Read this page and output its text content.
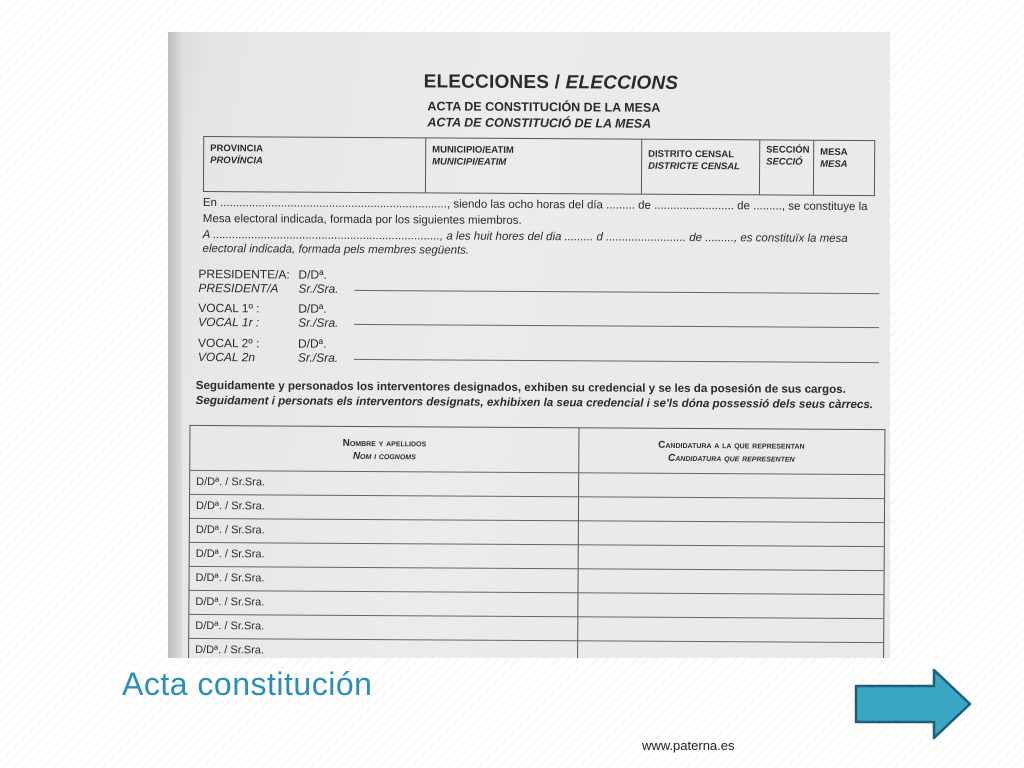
ELECCIONES / ELECCIONS
ACTA DE CONSTITUCIÓN DE LA MESA
ACTA DE CONSTITUCIÓ DE LA MESA
PROVINCIA
PROVÍNCIA
MUNICIPIO/EATIM
MUNICIPI/EATIM
DISTRITO CENSAL
DISTRICTE CENSAL
SECCIÓN
SECCIÓ
MESA
MESA
En ......................................................................., siendo las ocho horas del día ......... de ......................... de ........., se constituye la
Mesa electoral indicada, formada por los siguientes miembros.
A ......................................................................., a les huit hores del dia ......... d ......................... de ........., es constituïx la mesa
electoral indicada, formada pels membres següents.
PRESIDENTE/A:
PRESIDENT/A
D/Dª.
Sr./Sra.
VOCAL 1º :
VOCAL 1r :
D/Dª.
Sr./Sra.
VOCAL 2º :
VOCAL 2n
D/Dª.
Sr./Sra.
Seguidamente y personados los interventores designados, exhiben su credencial y se les da posesión de sus cargos.
Seguidament i personats els interventors designats, exhibixen la seua credencial i se'ls dóna possessió dels seus càrrecs.
Nombre y apellidos
Nom i cognoms
Candidatura a la que representan
Candidatura que representen
D/Dª. / Sr.Sra.
D/Dª. / Sr.Sra.
D/Dª. / Sr.Sra.
D/Dª. / Sr.Sra.
D/Dª. / Sr.Sra.
D/Dª. / Sr.Sra.
D/Dª. / Sr.Sra.
D/Dª. / Sr.Sra.
Acta constitución
www.paterna.es
